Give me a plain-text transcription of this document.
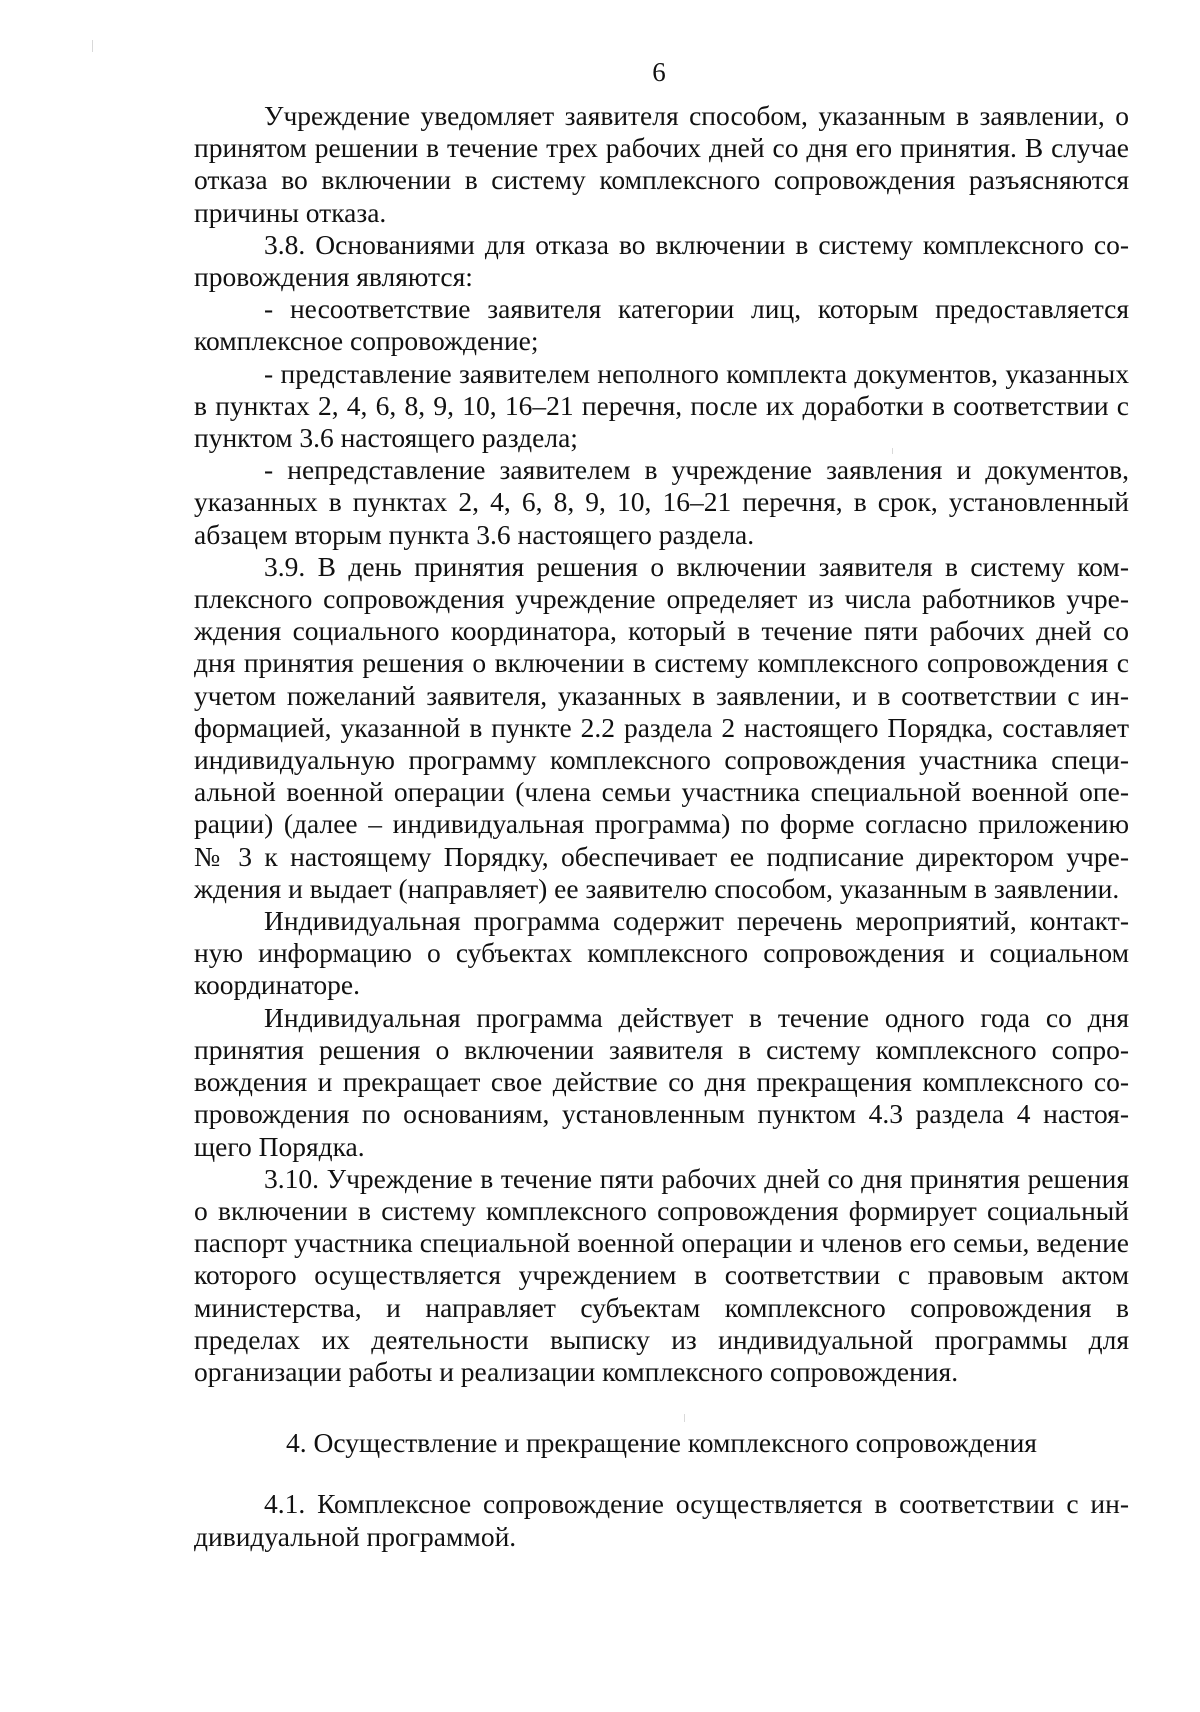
6

Учреждение уведомляет заявителя способом, указанным в заявлении, о принятом решении в течение трех рабочих дней со дня его принятия. В случае отказа во включении в систему комплексного сопровождения разъясняются причины отказа.

3.8. Основаниями для отказа во включении в систему комплексного сопровождения являются:

- несоответствие заявителя категории лиц, которым предоставляется комплексное сопровождение;

- представление заявителем неполного комплекта документов, указанных в пунктах 2, 4, 6, 8, 9, 10, 16–21 перечня, после их доработки в соответствии с пунктом 3.6 настоящего раздела;

- непредставление заявителем в учреждение заявления и документов, указанных в пунктах 2, 4, 6, 8, 9, 10, 16–21 перечня, в срок, установленный абзацем вторым пункта 3.6 настоящего раздела.

3.9. В день принятия решения о включении заявителя в систему комплексного сопровождения учреждение определяет из числа работников учреждения социального координатора, который в течение пяти рабочих дней со дня принятия решения о включении в систему комплексного сопровождения с учетом пожеланий заявителя, указанных в заявлении, и в соответствии с информацией, указанной в пункте 2.2 раздела 2 настоящего Порядка, составляет индивидуальную программу комплексного сопровождения участника специальной военной операции (члена семьи участника специальной военной операции) (далее – индивидуальная программа) по форме согласно приложению № 3 к настоящему Порядку, обеспечивает ее подписание директором учреждения и выдает (направляет) ее заявителю способом, указанным в заявлении.

Индивидуальная программа содержит перечень мероприятий, контактную информацию о субъектах комплексного сопровождения и социальном координаторе.

Индивидуальная программа действует в течение одного года со дня принятия решения о включении заявителя в систему комплексного сопровождения и прекращает свое действие со дня прекращения комплексного сопровождения по основаниям, установленным пунктом 4.3 раздела 4 настоящего Порядка.

3.10. Учреждение в течение пяти рабочих дней со дня принятия решения о включении в систему комплексного сопровождения формирует социальный паспорт участника специальной военной операции и членов его семьи, ведение которого осуществляется учреждением в соответствии с правовым актом министерства, и направляет субъектам комплексного сопровождения в пределах их деятельности выписку из индивидуальной программы для организации работы и реализации комплексного сопровождения.

4. Осуществление и прекращение комплексного сопровождения

4.1. Комплексное сопровождение осуществляется в соответствии с индивидуальной программой.
